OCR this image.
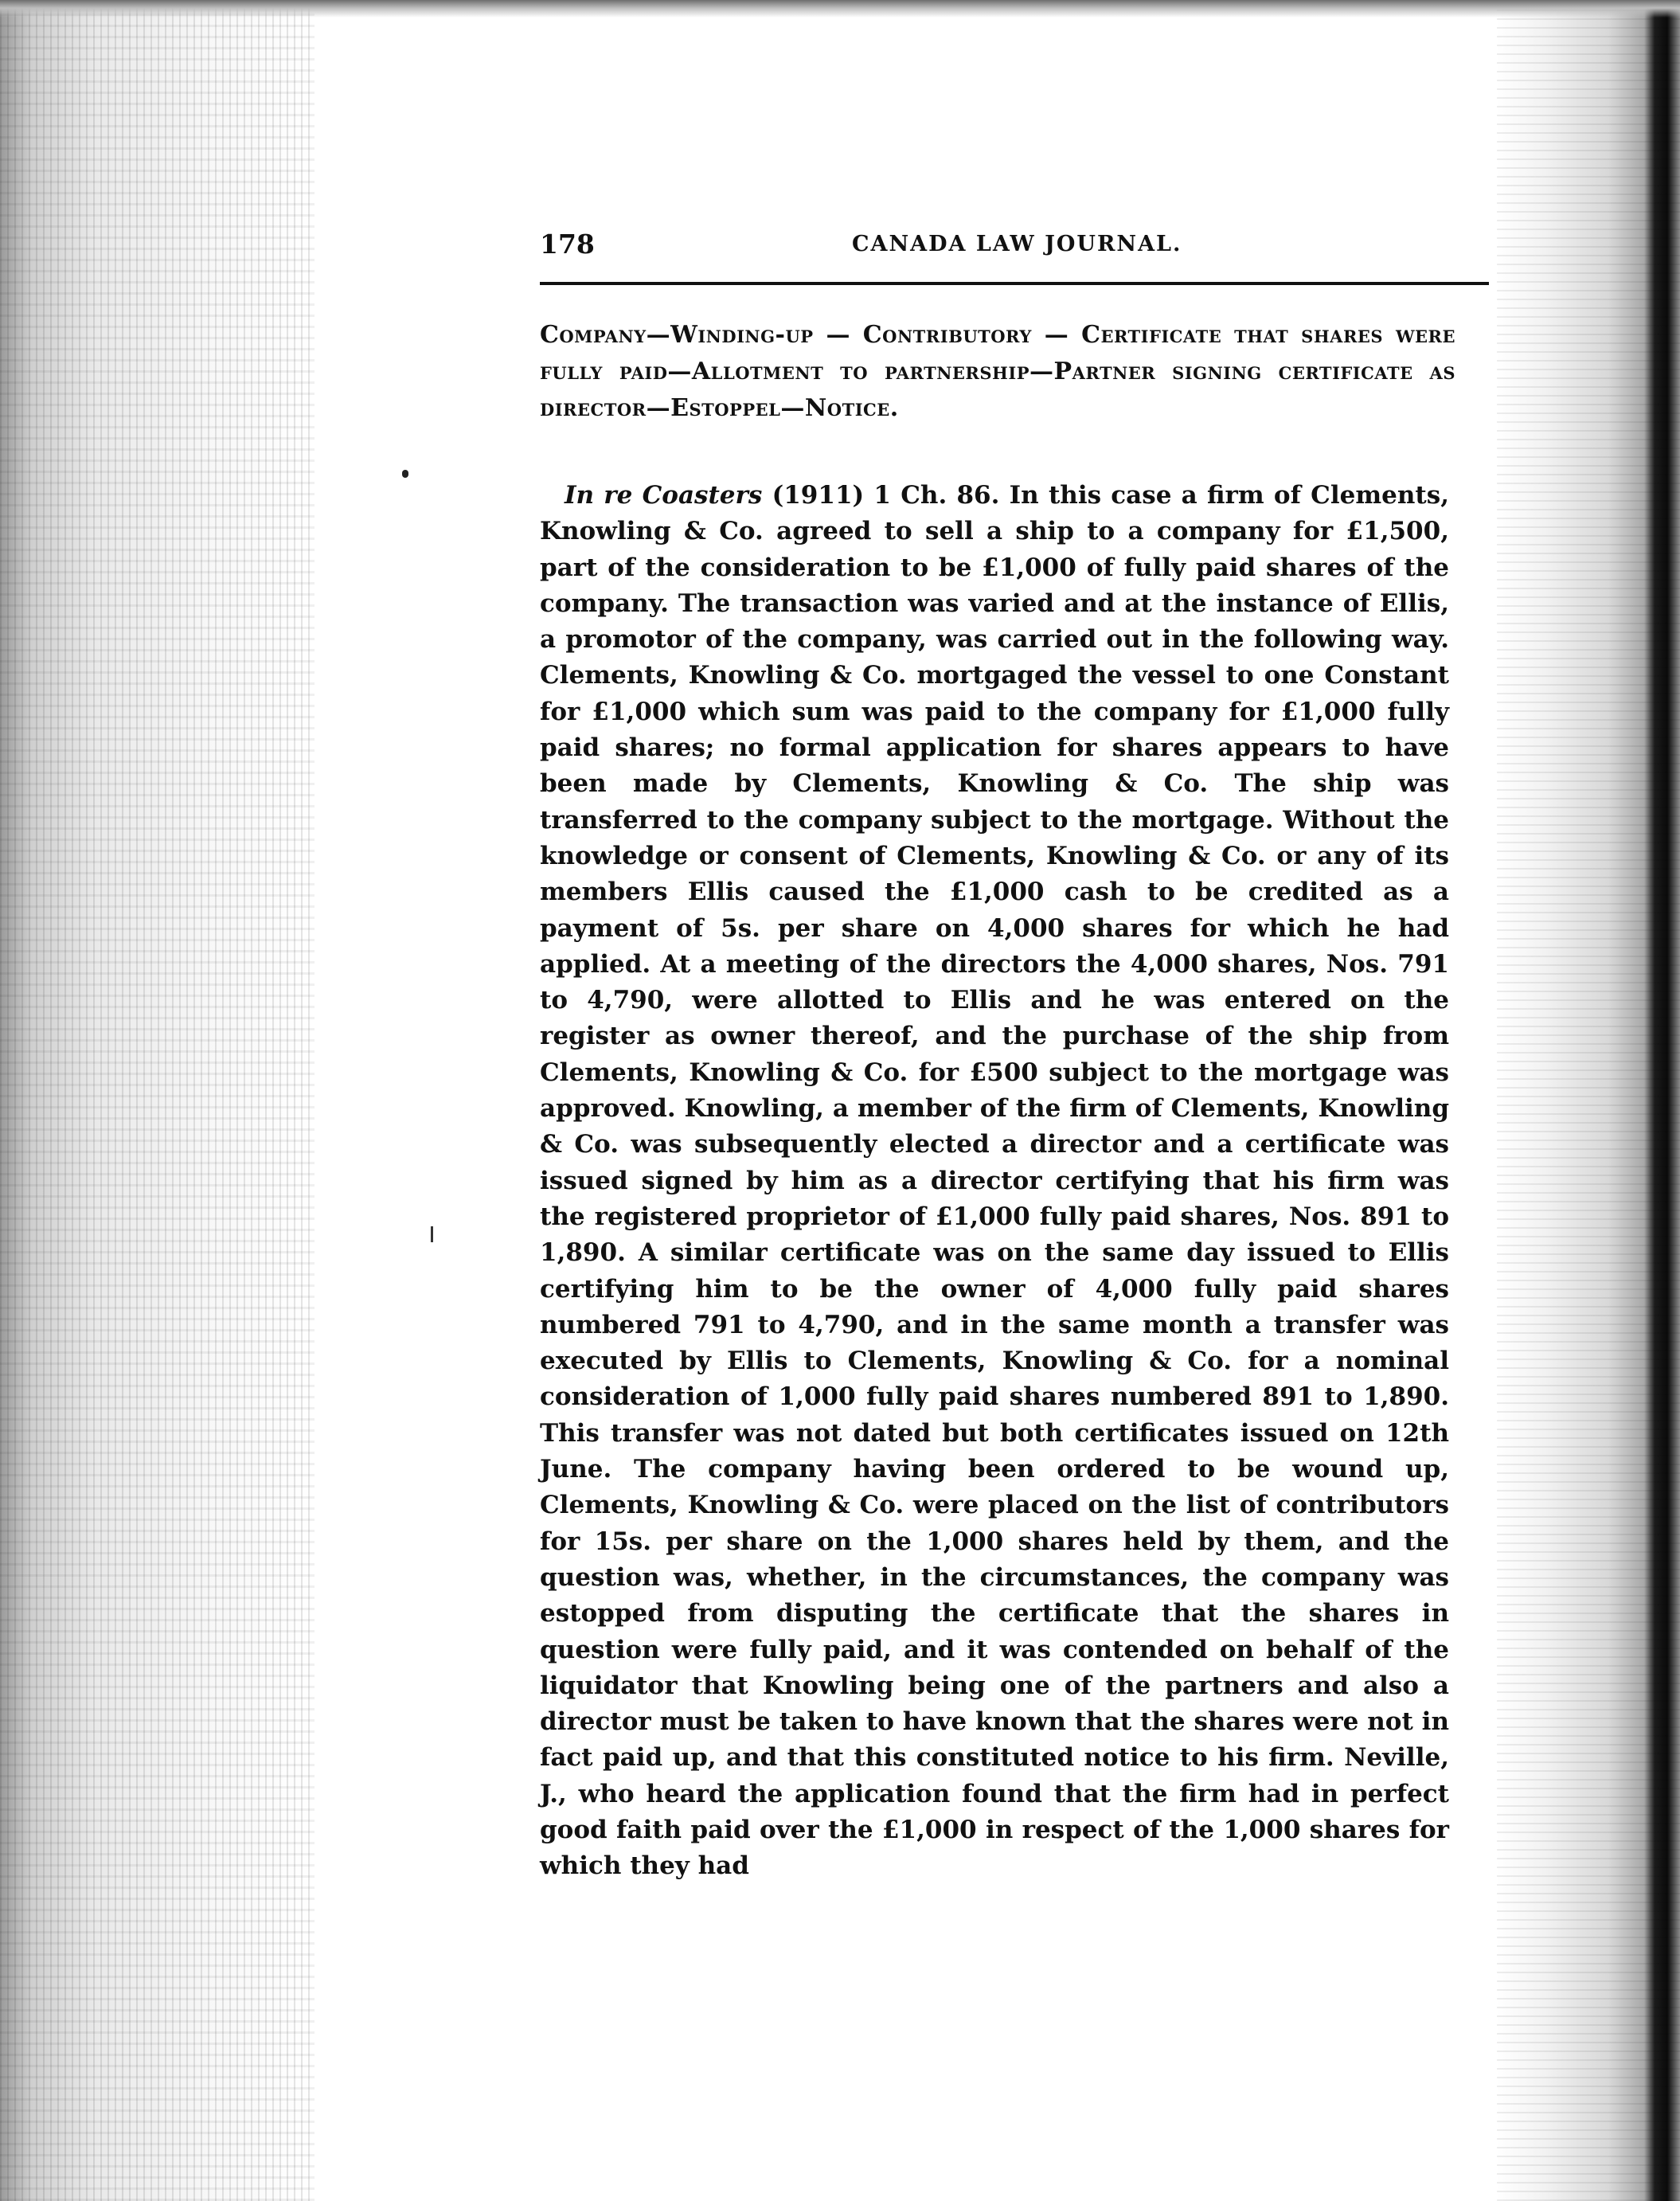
178	CANADA LAW JOURNAL.
Company—Winding-up — Contributory — Certificate that shares were fully paid—Allotment to partnership—Partner signing certificate as director—Estoppel—Notice.

 In re Coasters (1911) 1 Ch. 86. In this case a firm of Clements, Knowling & Co. agreed to sell a ship to a company for £1,500, part of the consideration to be £1,000 of fully paid shares of the company. The transaction was varied and at the instance of Ellis, a promotor of the company, was carried out in the following way. Clements, Knowling & Co. mortgaged the vessel to one Constant for £1,000 which sum was paid to the company for £1,000 fully paid shares; no formal application for shares appears to have been made by Clements, Knowling & Co. The ship was transferred to the company subject to the mortgage. Without the knowledge or consent of Clements, Knowling & Co. or any of its members Ellis caused the £1,000 cash to be credited as a payment of 5s. per share on 4,000 shares for which he had applied. At a meeting of the directors the 4,000 shares, Nos. 791 to 4,790, were allotted to Ellis and he was entered on the register as owner thereof, and the purchase of the ship from Clements, Knowling & Co. for £500 subject to the mortgage was approved. Knowling, a member of the firm of Clements, Knowling & Co. was subsequently elected a director and a certificate was issued signed by him as a director certifying that his firm was the registered proprietor of £1,000 fully paid shares, Nos. 891 to 1,890. A similar certificate was on the same day issued to Ellis certifying him to be the owner of 4,000 fully paid shares numbered 791 to 4,790, and in the same month a transfer was executed by Ellis to Clements, Knowling & Co. for a nominal consideration of 1,000 fully paid shares numbered 891 to 1,890. This transfer was not dated but both certificates issued on 12th June. The company having been ordered to be wound up, Clements, Knowling & Co. were placed on the list of contributors for 15s. per share on the 1,000 shares held by them, and the question was, whether, in the circumstances, the company was estopped from disputing the certificate that the shares in question were fully paid, and it was contended on behalf of the liquidator that Knowling being one of the partners and also a director must be taken to have known that the shares were not in fact paid up, and that this constituted notice to his firm. Neville, J., who heard the application found that the firm had in perfect good faith paid over the £1,000 in respect of the 1,000 shares for which they had
